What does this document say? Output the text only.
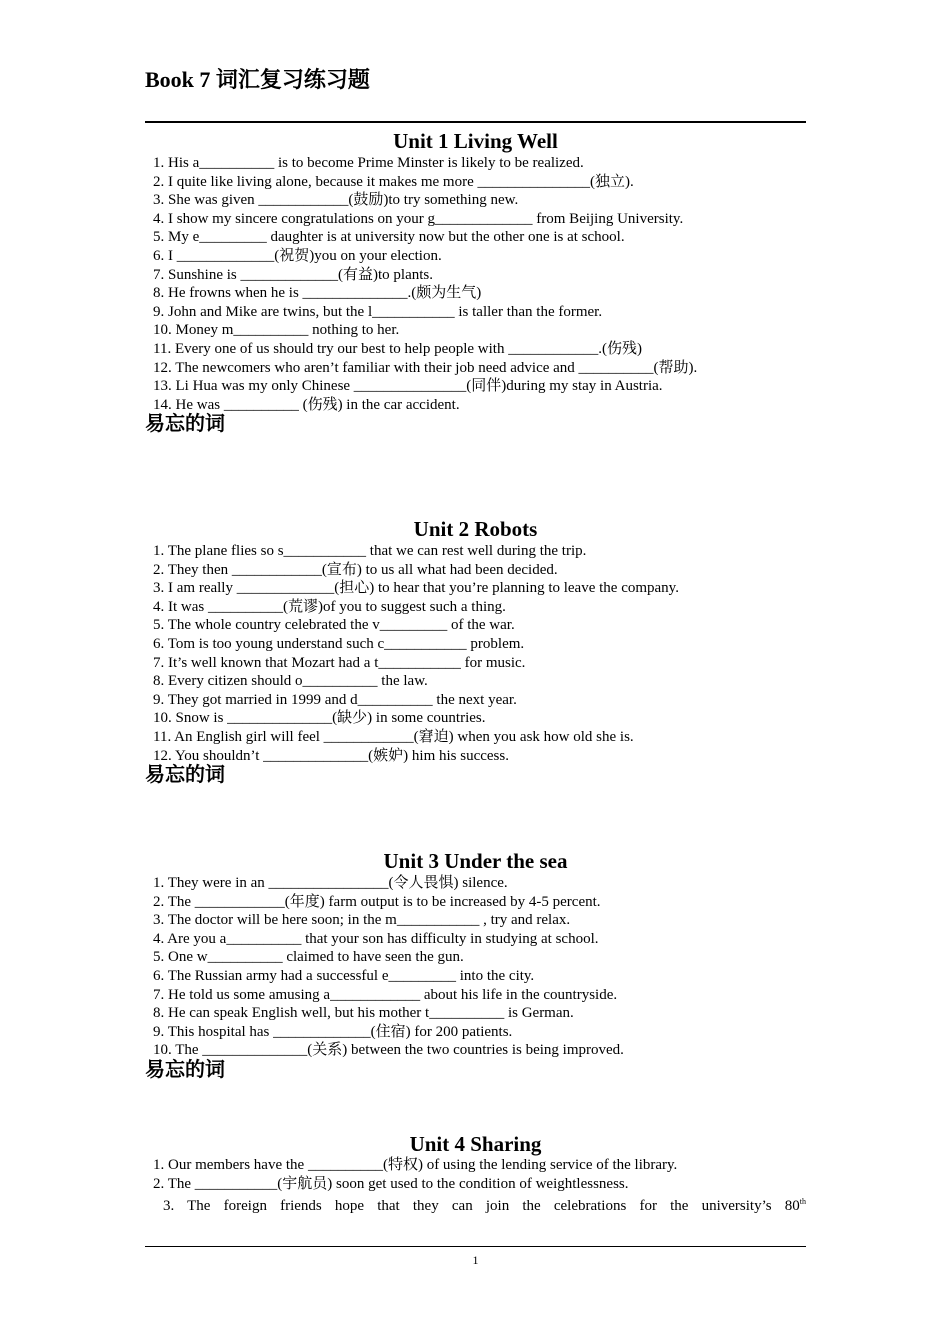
Book 7 词汇复习练习题
Unit 1 Living Well
1. His a__________ is to become Prime Minster is likely to be realized.
2. I quite like living alone, because it makes me more _______________(独立).
3. She was given ____________(鼓励)to try something new.
4. I show my sincere congratulations on your g_____________ from Beijing University.
5. My e_________ daughter is at university now but the other one is at school.
6. I _____________(祝贺)you on your election.
7. Sunshine is _____________(有益)to plants.
8. He frowns when he is ______________.(颇为生气)
9. John and Mike are twins, but the l___________ is taller than the former.
10. Money m__________ nothing to her.
11. Every one of us should try our best to help people with ____________.(伤残)
12. The newcomers who aren’t familiar with their job need advice and __________(帮助).
13. Li Hua was my only Chinese _______________(同伴)during my stay in Austria.
14. He was __________ (伤残) in the car accident.
易忘的词
Unit 2 Robots
1. The plane flies so s___________ that we can rest well during the trip.
2. They then ____________(宣布) to us all what had been decided.
3. I am really _____________(担心) to hear that you’re planning to leave the company.
4. It was __________(荒谬)of you to suggest such a thing.
5. The whole country celebrated the v_________ of the war.
6. Tom is too young understand such c___________ problem.
7. It’s well known that Mozart had a t___________ for music.
8. Every citizen should o__________ the law.
9. They got married in 1999 and d__________ the next year.
10. Snow is ______________(缺少) in some countries.
11. An English girl will feel ____________(窘迫) when you ask how old she is.
12. You shouldn’t ______________(嫉妒) him his success.
易忘的词
Unit 3 Under the sea
1. They were in an ________________(令人畏惧) silence.
2. The ____________(年度) farm output is to be increased by 4-5 percent.
3. The doctor will be here soon; in the m___________ , try and relax.
4. Are you a__________ that your son has difficulty in studying at school.
5. One w__________ claimed to have seen the gun.
6. The Russian army had a successful e_________ into the city.
7. He told us some amusing a____________ about his life in the countryside.
8. He can speak English well, but his mother t__________ is German.
9. This hospital has _____________(住宿) for 200 patients.
10. The ______________(关系) between the two countries is being improved.
易忘的词
Unit 4 Sharing
1. Our members have the __________(特权) of using the lending service of the library.
2. The ___________(宇航员) soon get used to the condition of weightlessness.
3. The foreign friends hope that they can join the celebrations for the university’s 80th
1
